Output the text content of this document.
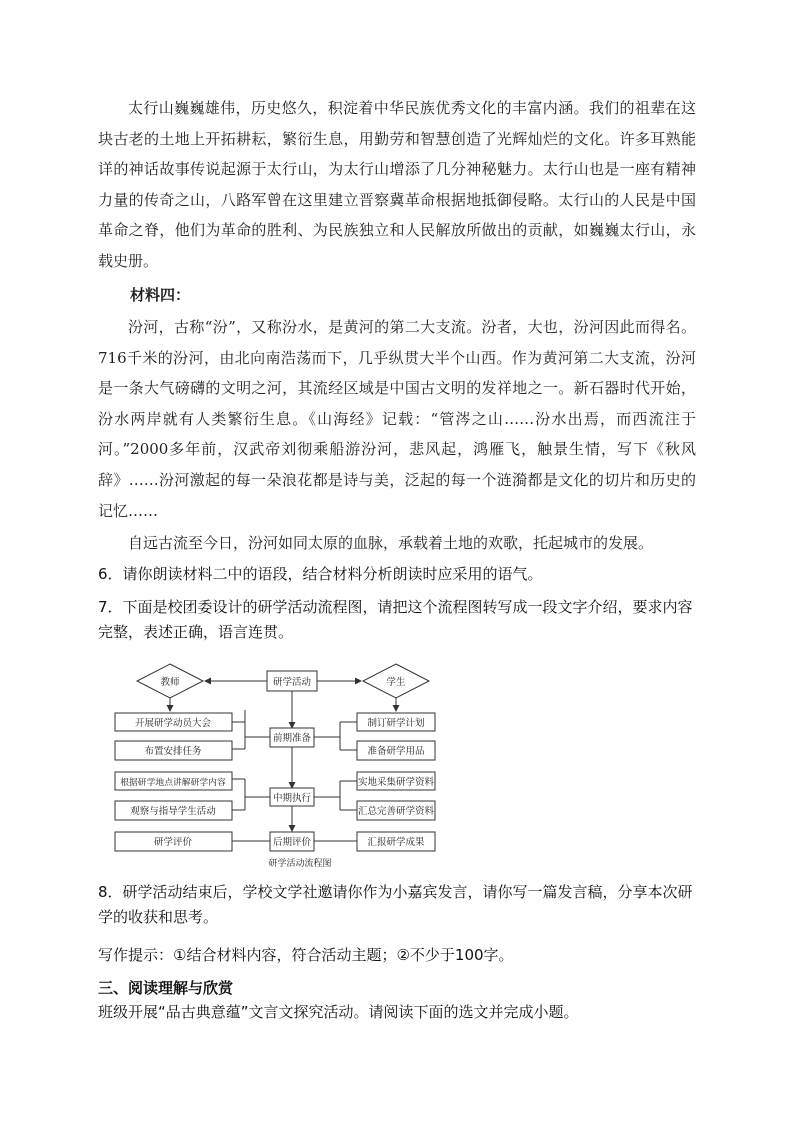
太行山巍巍雄伟，历史悠久，积淀着中华民族优秀文化的丰富内涵。我们的祖辈在这块古老的土地上开拓耕耘，繁衍生息，用勤劳和智慧创造了光辉灿烂的文化。许多耳熟能详的神话故事传说起源于太行山，为太行山增添了几分神秘魅力。太行山也是一座有精神力量的传奇之山，八路军曾在这里建立晋察冀革命根据地抵御侵略。太行山的人民是中国革命之脊，他们为革命的胜利、为民族独立和人民解放所做出的贡献，如巍巍太行山，永载史册。

材料四：

汾河，古称“汾”，又称汾水，是黄河的第二大支流。汾者，大也，汾河因此而得名。716千米的汾河，由北向南浩荡而下，几乎纵贯大半个山西。作为黄河第二大支流，汾河是一条大气磅礴的文明之河，其流经区域是中国古文明的发祥地之一。新石器时代开始，汾水两岸就有人类繁衍生息。《山海经》记载：“管涔之山……汾水出焉，而西流注于河。”2000多年前，汉武帝刘彻乘船游汾河，悲风起，鸿雁飞，触景生情，写下《秋风辞》……汾河激起的每一朵浪花都是诗与美，泛起的每一个涟漪都是文化的切片和历史的记忆……

自远古流至今日，汾河如同太原的血脉，承载着土地的欢歌，托起城市的发展。

6．请你朗读材料二中的语段，结合材料分析朗读时应采用的语气。

7．下面是校团委设计的研学活动流程图，请把这个流程图转写成一段文字介绍，要求内容完整，表述正确，语言连贯。

教师	学生
研学活动
前期准备
中期执行
后期评价
开展研学动员大会
布置安排任务
根据研学地点讲解研学内容
观察与指导学生活动
研学评价
制订研学计划
准备研学用品
实地采集研学资料
汇总完善研学资料
汇报研学成果
研学活动流程图

8．研学活动结束后，学校文学社邀请你作为小嘉宾发言，请你写一篇发言稿，分享本次研学的收获和思考。

写作提示：①结合材料内容，符合活动主题；②不少于100字。

三、阅读理解与欣赏

班级开展“品古典意蕴”文言文探究活动。请阅读下面的选文并完成小题。
